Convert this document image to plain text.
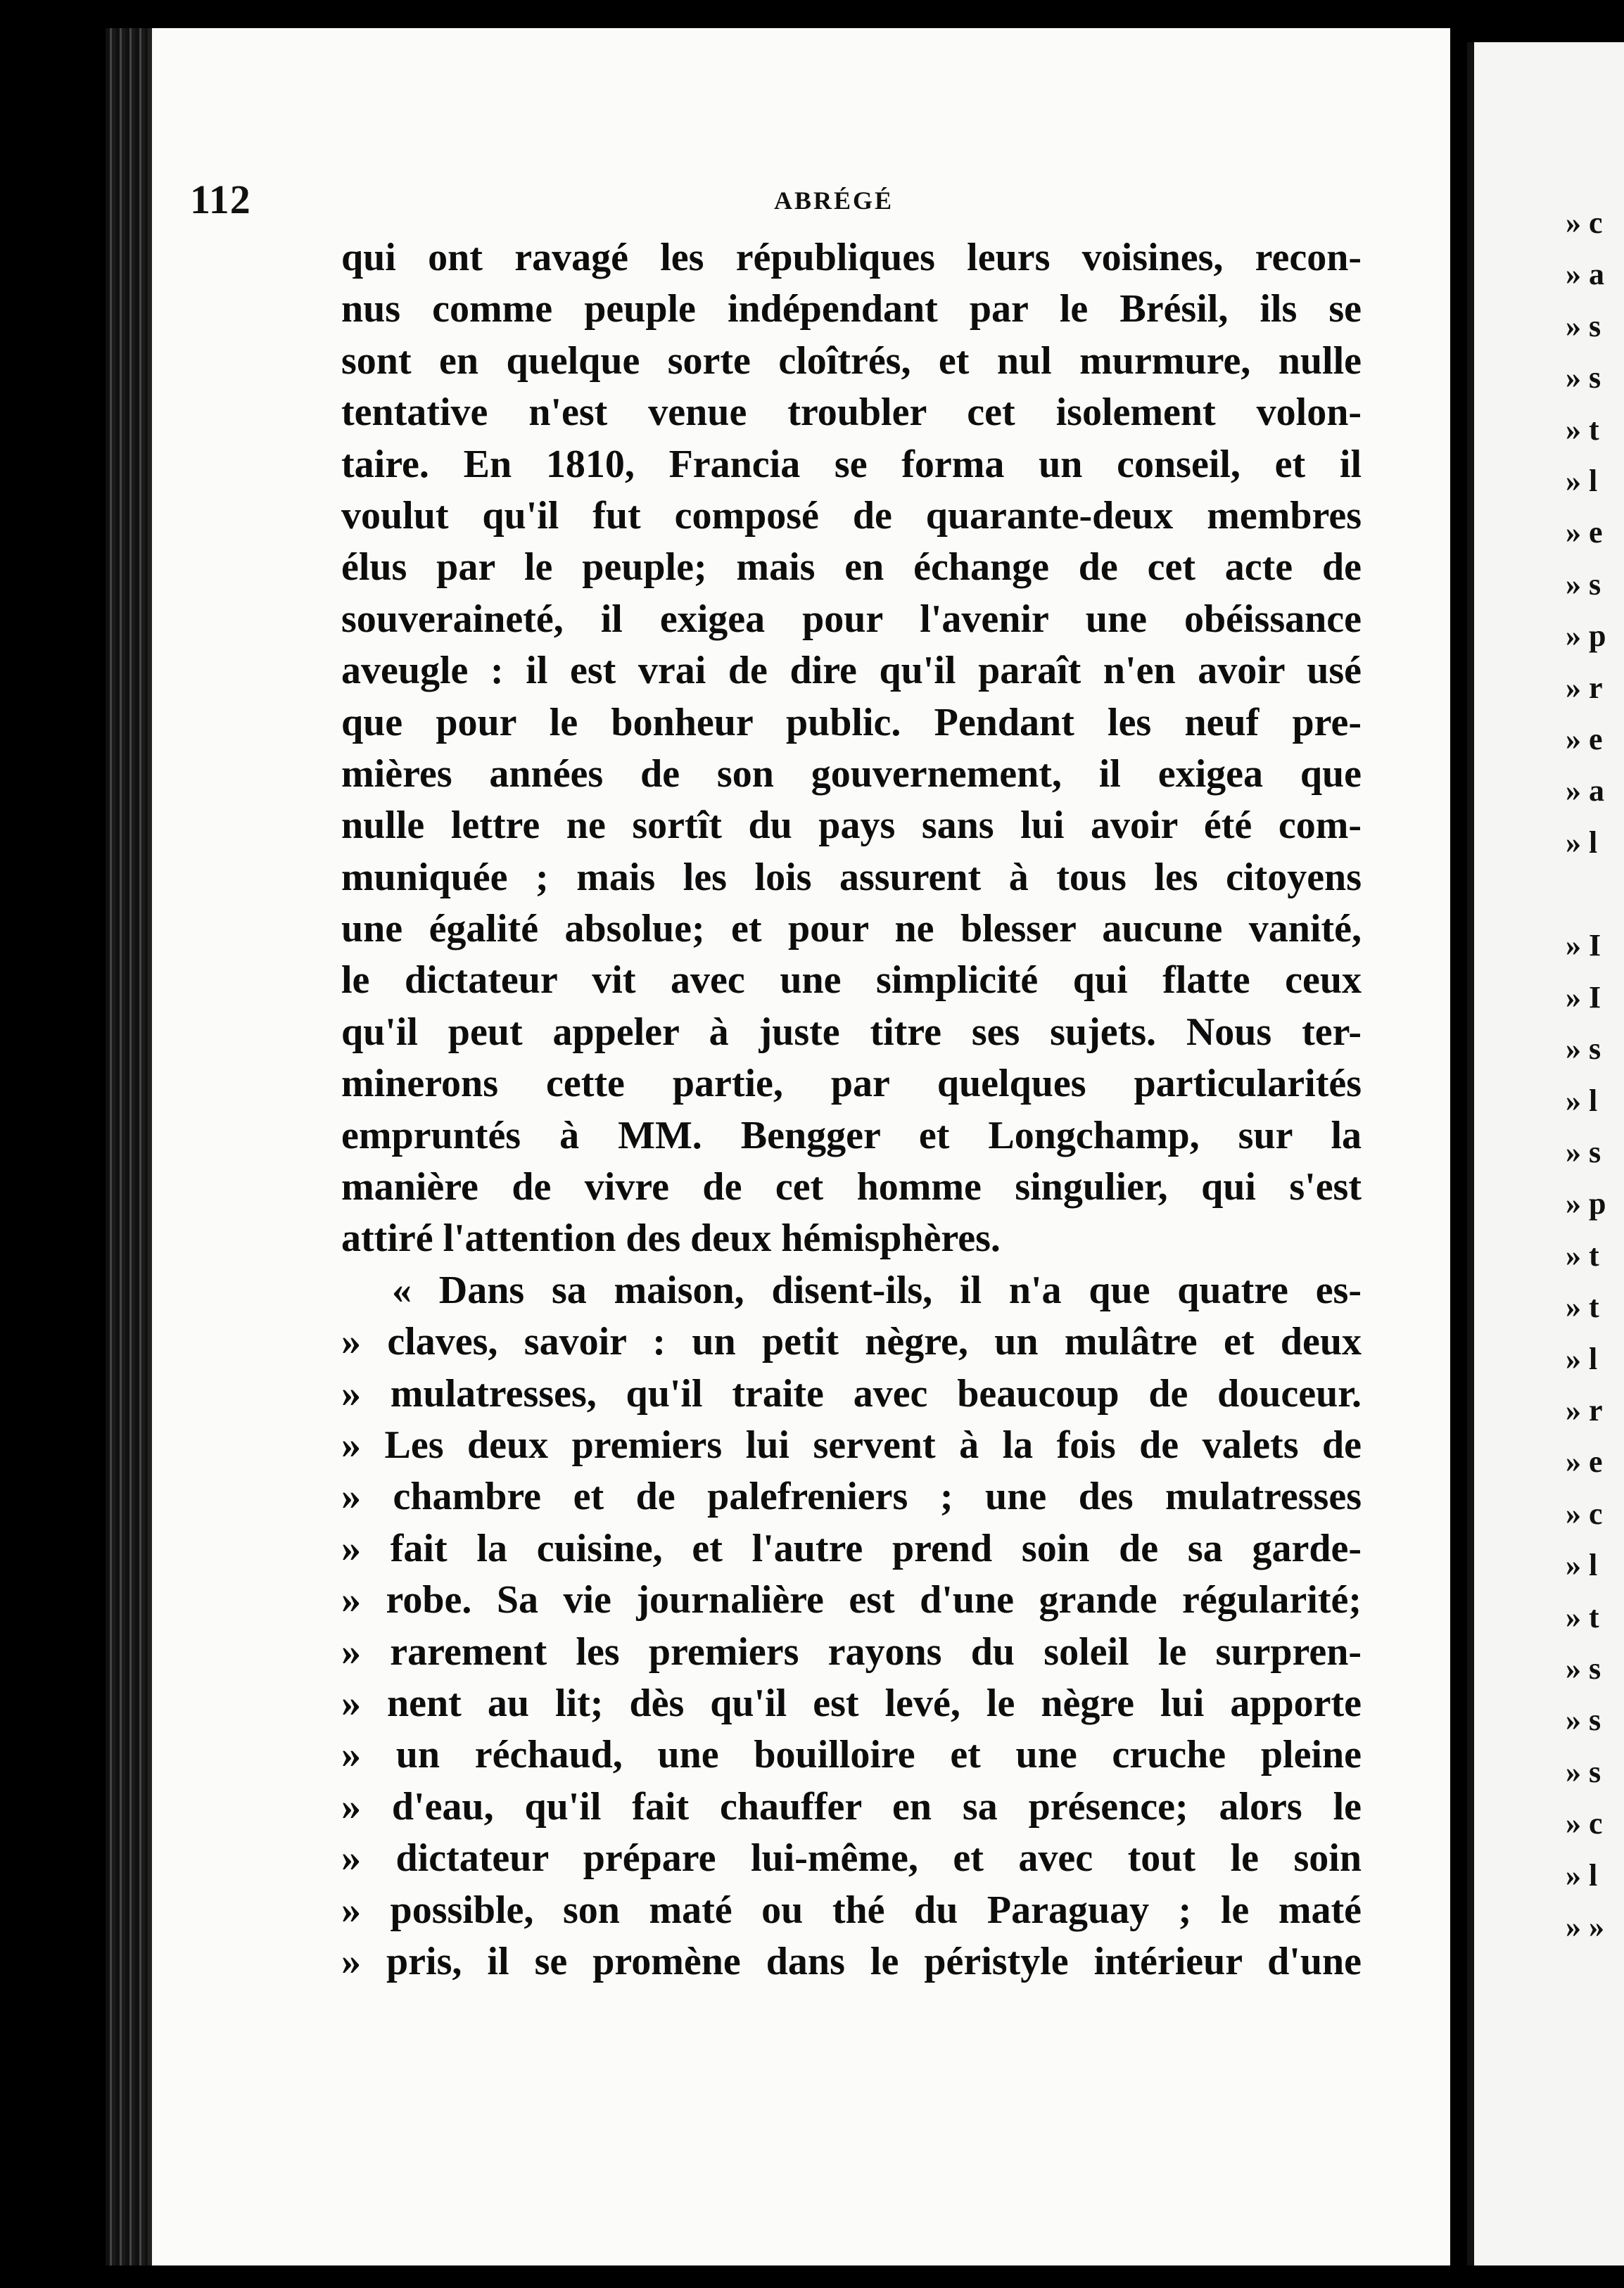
112	ABRÉGÉ
qui ont ravagé les républiques leurs voisines, recon-
nus comme peuple indépendant par le Brésil, ils se
sont en quelque sorte cloîtrés, et nul murmure, nulle
tentative n'est venue troubler cet isolement volon-
taire. En 1810, Francia se forma un conseil, et il
voulut qu'il fut composé de quarante-deux membres
élus par le peuple; mais en échange de cet acte de
souveraineté, il exigea pour l'avenir une obéissance
aveugle : il est vrai de dire qu'il paraît n'en avoir usé
que pour le bonheur public. Pendant les neuf pre-
mières années de son gouvernement, il exigea que
nulle lettre ne sortît du pays sans lui avoir été com-
muniquée ; mais les lois assurent à tous les citoyens
une égalité absolue; et pour ne blesser aucune vanité,
le dictateur vit avec une simplicité qui flatte ceux
qu'il peut appeler à juste titre ses sujets. Nous ter-
minerons cette partie, par quelques particularités
empruntés à MM. Bengger et Longchamp, sur la
manière de vivre de cet homme singulier, qui s'est
attiré l'attention des deux hémisphères.
« Dans sa maison, disent-ils, il n'a que quatre es-
» claves, savoir : un petit nègre, un mulâtre et deux
» mulatresses, qu'il traite avec beaucoup de douceur.
» Les deux premiers lui servent à la fois de valets de
» chambre et de palefreniers ; une des mulatresses
» fait la cuisine, et l'autre prend soin de sa garde-
» robe. Sa vie journalière est d'une grande régularité;
» rarement les premiers rayons du soleil le surpren-
» nent au lit; dès qu'il est levé, le nègre lui apporte
» un réchaud, une bouilloire et une cruche pleine
» d'eau, qu'il fait chauffer en sa présence; alors le
» dictateur prépare lui-même, et avec tout le soin
» possible, son maté ou thé du Paraguay ; le maté
» pris, il se promène dans le péristyle intérieur d'une
» c
» a
» s
» s
» t
» l
» e
» s
» p
» r
» e
» a
» l
» I
» I
» s
» l
» s
» p
» t
» t
» l
» r
» e
» c
» l
» t
» s
» s
» s
» c
» l
» »
